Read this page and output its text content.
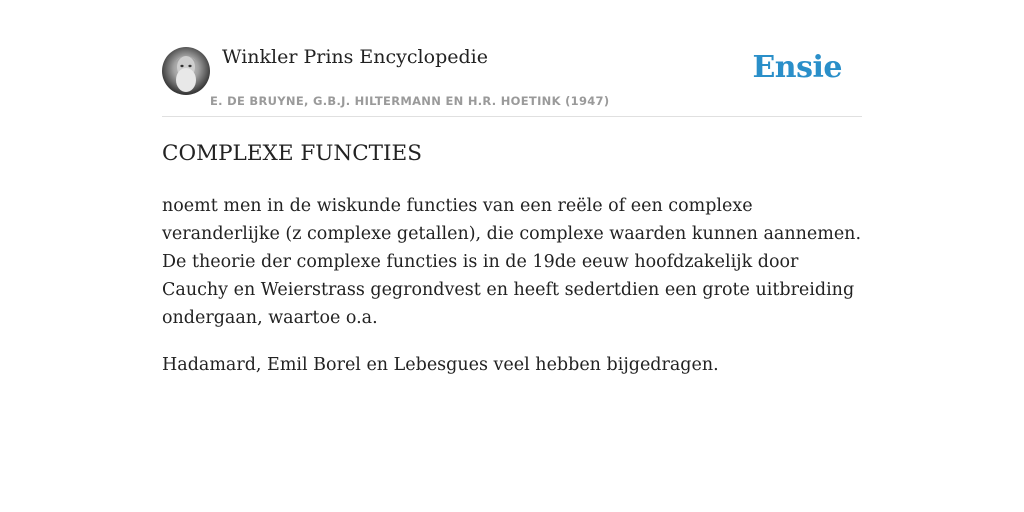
Winkler Prins Encyclopedie
E. DE BRUYNE, G.B.J. HILTERMANN EN H.R. HOETINK (1947)
Ensie
COMPLEXE FUNCTIES

noemt men in de wiskunde functies van een reële of een complexe veranderlijke (z complexe getallen), die complexe waarden kunnen aannemen. De theorie der complexe functies is in de 19de eeuw hoofdzakelijk door Cauchy en Weierstrass gegrondvest en heeft sedertdien een grote uitbreiding ondergaan, waartoe o.a.

Hadamard, Emil Borel en Lebesgues veel hebben bijgedragen.
